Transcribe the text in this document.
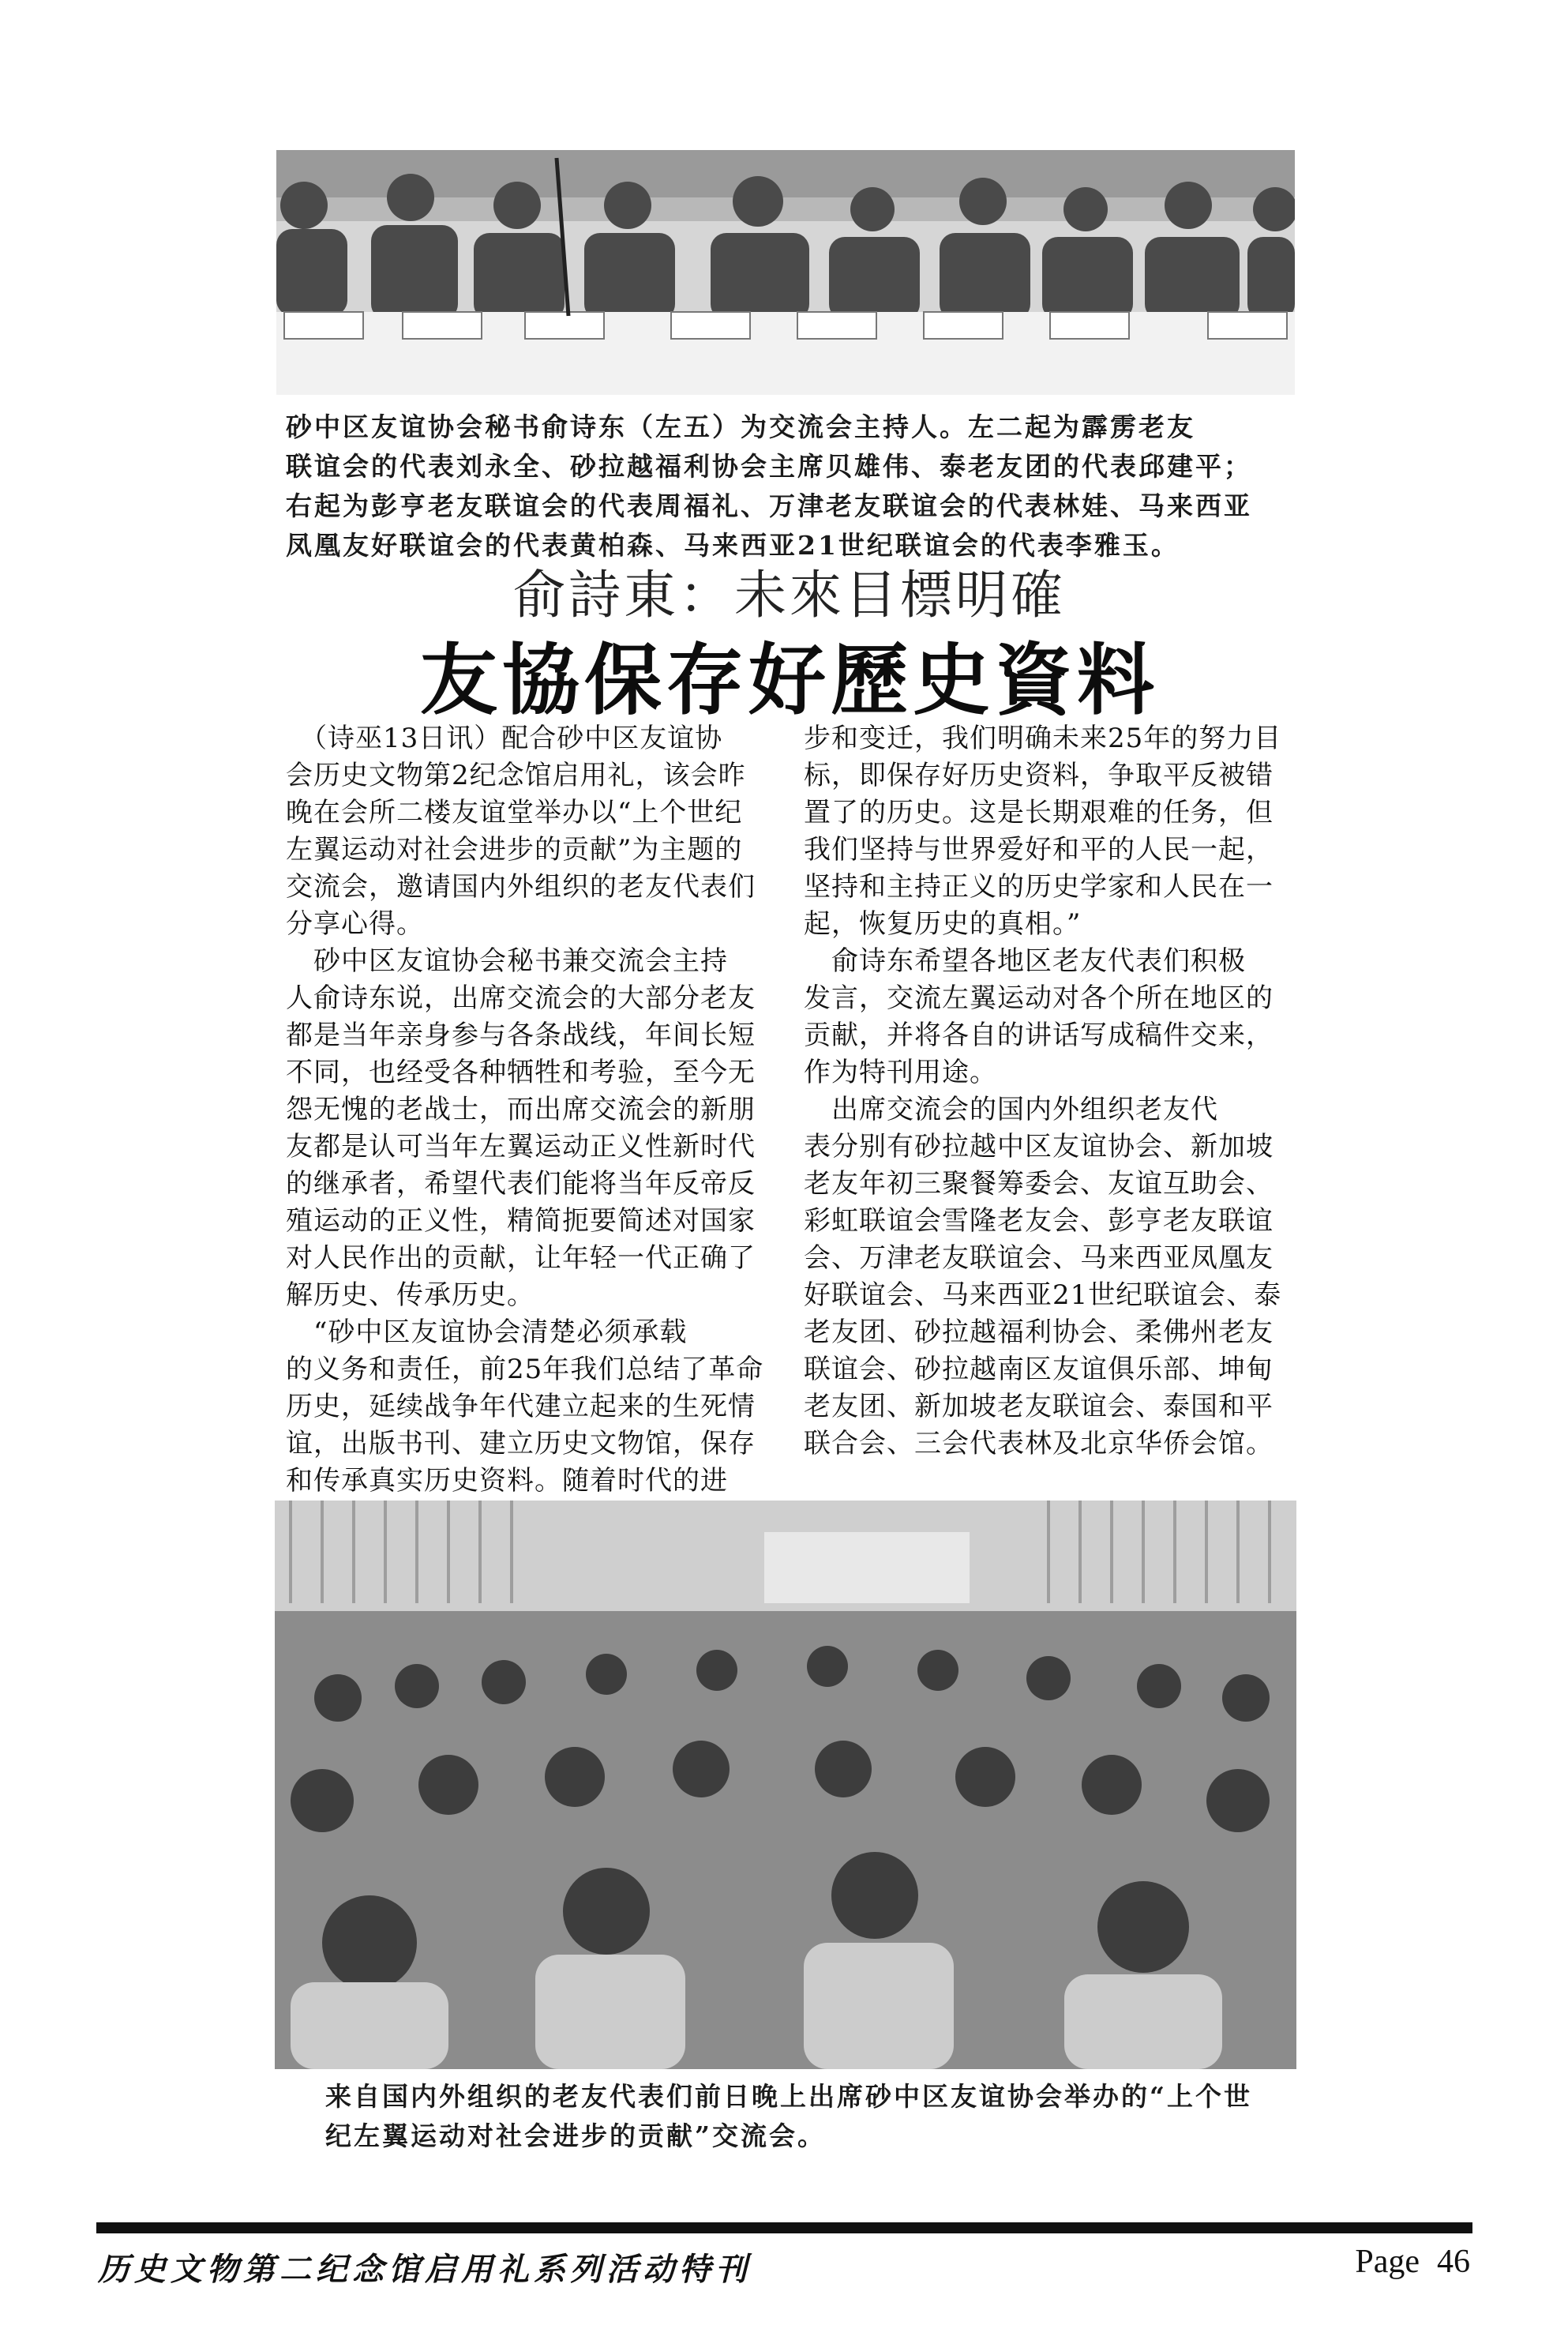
砂中区友谊协会秘书俞诗东（左五）为交流会主持人。左二起为霹雳老友

联谊会的代表刘永全、砂拉越福利协会主席贝雄伟、泰老友团的代表邱建平；

右起为彭亨老友联谊会的代表周福礼、万津老友联谊会的代表林娃、马来西亚

凤凰友好联谊会的代表黄柏森、马来西亚21世纪联谊会的代表李雅玉。

俞詩東：未來目標明確
友協保存好歷史資料

　（诗巫13日讯）配合砂中区友谊协

会历史文物第2纪念馆启用礼，该会昨

晚在会所二楼友谊堂举办以“上个世纪

左翼运动对社会进步的贡献”为主题的

交流会，邀请国内外组织的老友代表们

分享心得。

　砂中区友谊协会秘书兼交流会主持

人俞诗东说，出席交流会的大部分老友

都是当年亲身参与各条战线，年间长短

不同，也经受各种牺牲和考验，至今无

怨无愧的老战士，而出席交流会的新朋

友都是认可当年左翼运动正义性新时代

的继承者，希望代表们能将当年反帝反

殖运动的正义性，精简扼要简述对国家

对人民作出的贡献，让年轻一代正确了

解历史、传承历史。

　“砂中区友谊协会清楚必须承载

的义务和责任，前25年我们总结了革命

历史，延续战争年代建立起来的生死情

谊，出版书刊、建立历史文物馆，保存

和传承真实历史资料。随着时代的进

步和变迁，我们明确未来25年的努力目

标，即保存好历史资料，争取平反被错

置了的历史。这是长期艰难的任务，但

我们坚持与世界爱好和平的人民一起，

坚持和主持正义的历史学家和人民在一

起，恢复历史的真相。”

　俞诗东希望各地区老友代表们积极

发言，交流左翼运动对各个所在地区的

贡献，并将各自的讲话写成稿件交来，

作为特刊用途。

　出席交流会的国内外组织老友代

表分别有砂拉越中区友谊协会、新加坡

老友年初三聚餐筹委会、友谊互助会、

彩虹联谊会雪隆老友会、彭亨老友联谊

会、万津老友联谊会、马来西亚凤凰友

好联谊会、马来西亚21世纪联谊会、泰

老友团、砂拉越福利协会、柔佛州老友

联谊会、砂拉越南区友谊俱乐部、坤甸

老友团、新加坡老友联谊会、泰国和平

联合会、三会代表林及北京华侨会馆。

来自国内外组织的老友代表们前日晚上出席砂中区友谊协会举办的“上个世

纪左翼运动对社会进步的贡献”交流会。

历史文物第二纪念馆启用礼系列活动特刊	Page 46
